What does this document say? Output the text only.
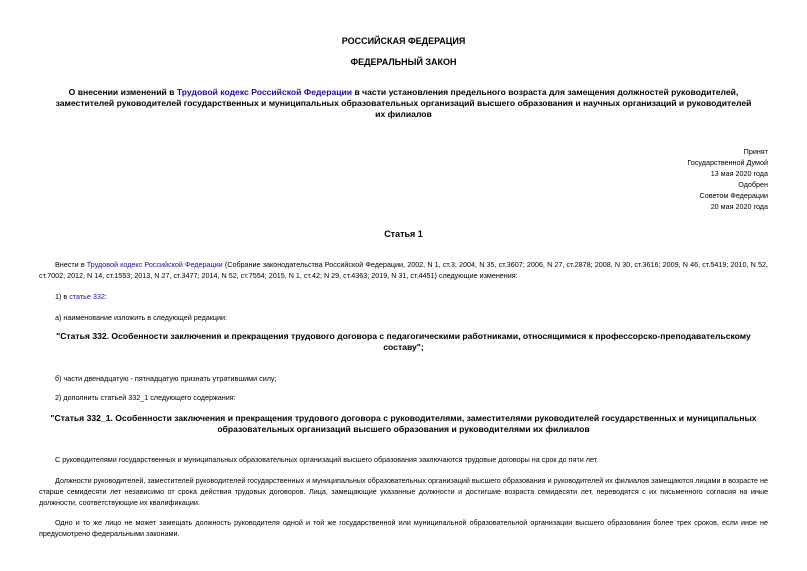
РОССИЙСКАЯ ФЕДЕРАЦИЯ
ФЕДЕРАЛЬНЫЙ ЗАКОН
О внесении изменений в Трудовой кодекс Российской Федерации в части установления предельного возраста для замещения должностей руководителей, заместителей руководителей государственных и муниципальных образовательных организаций высшего образования и научных организаций и руководителей их филиалов
Принят
Государственной Думой
13 мая 2020 года
Одобрен
Советом Федерации
20 мая 2020 года
Статья 1
Внести в Трудовой кодекс Российской Федерации (Собрание законодательства Российской Федерации, 2002, N 1, ст.3; 2004, N 35, ст.3607; 2006, N 27, ст.2878; 2008, N 30, ст.3616; 2009, N 46, ст.5419; 2010, N 52, ст.7002; 2012, N 14, ст.1553; 2013, N 27, ст.3477; 2014, N 52, ст.7554; 2015, N 1, ст.42; N 29, ст.4363; 2019, N 31, ст.4451) следующие изменения:
1) в статье 332:
а) наименование изложить в следующей редакции:
"Статья 332. Особенности заключения и прекращения трудового договора с педагогическими работниками, относящимися к профессорско-преподавательскому составу";
б) части двенадцатую - пятнадцатую признать утратившими силу;
2) дополнить статьей 332_1 следующего содержания:
"Статья 332_1. Особенности заключения и прекращения трудового договора с руководителями, заместителями руководителей государственных и муниципальных образовательных организаций высшего образования и руководителями их филиалов
С руководителями государственных и муниципальных образовательных организаций высшего образования заключаются трудовые договоры на срок до пяти лет.
Должности руководителей, заместителей руководителей государственных и муниципальных образовательных организаций высшего образования и руководителей их филиалов замещаются лицами в возрасте не старше семидесяти лет независимо от срока действия трудовых договоров. Лица, замещающие указанные должности и достигшие возраста семидесяти лет, переводятся с их письменного согласия на иные должности, соответствующие их квалификации.
Одно и то же лицо не может замещать должность руководителя одной и той же государственной или муниципальной образовательной организации высшего образования более трех сроков, если иное не предусмотрено федеральными законами.
